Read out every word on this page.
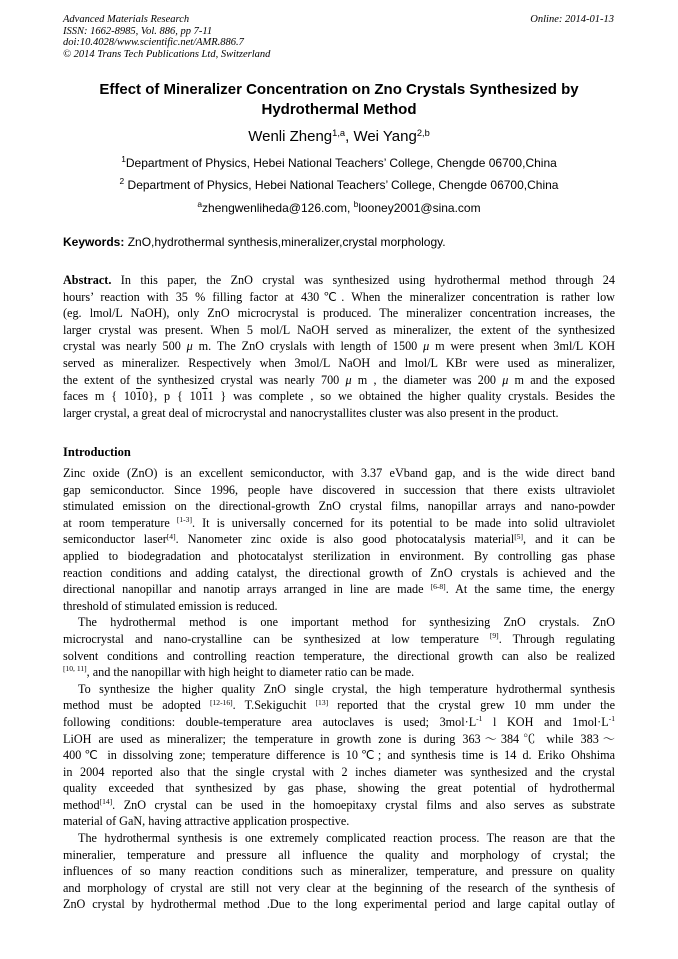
Advanced Materials Research
ISSN: 1662-8985, Vol. 886, pp 7-11
doi:10.4028/www.scientific.net/AMR.886.7
© 2014 Trans Tech Publications Ltd, Switzerland
Online: 2014-01-13
Effect of Mineralizer Concentration on Zno Crystals Synthesized by
Hydrothermal Method
Wenli Zheng$^{1,a}$, Wei Yang$^{2,b}$
$^1$Department of Physics, Hebei National Teachers’ College, Chengde 06700,China
$^2$ Department of Physics, Hebei National Teachers’ College, Chengde 06700,China
$^a$zhengwenliheda@126.com, $^b$looney2001@sina.com
Keywords: ZnO,hydrothermal synthesis,mineralizer,crystal morphology.
Abstract. In this paper, the ZnO crystal was synthesized using hydrothermal method through 24
hours’ reaction with 35 % filling factor at 430℃. When the mineralizer concentration is rather low
(eg. lmol/L NaOH), only ZnO microcrystal is produced. The mineralizer concentration increases, the
larger crystal was present. When 5 mol/L NaOH served as mineralizer, the extent of the synthesized
crystal was nearly 500 μ m. The ZnO cryslals with length of 1500 μ m were present when 3ml/L KOH
served as mineralizer. Respectively when 3mol/L NaOH and lmol/L KBr were used as mineralizer,
the extent of the synthesized crystal was nearly 700 μ m , the diameter was 200 μ m and the exposed
faces m { 1010}, p { 1011 } was complete , so we obtained the higher quality crystals. Besides the
larger crystal, a great deal of microcrystal and nanocrystallites cluster was also present in the product.
Introduction
Zinc oxide (ZnO) is an excellent semiconductor, with 3.37 eVband gap, and is the wide direct band
gap semiconductor. Since 1996, people have discovered in succession that there exists ultraviolet
stimulated emission on the directional-growth ZnO crystal films, nanopillar arrays and nano-powder
at room temperature [1-3]. It is universally concerned for its potential to be made into solid ultraviolet
semiconductor laser[4]. Nanometer zinc oxide is also good photocatalysis material[5], and it can be
applied to biodegradation and photocatalyst sterilization in environment. By controlling gas phase
reaction conditions and adding catalyst, the directional growth of ZnO crystals is achieved and the
directional nanopillar and nanotip arrays arranged in line are made [6-8]. At the same time, the energy
threshold of stimulated emission is reduced.
The hydrothermal method is one important method for synthesizing ZnO crystals. ZnO
microcrystal and nano-crystalline can be synthesized at low temperature [9]. Through regulating
solvent conditions and controlling reaction temperature, the directional growth can also be realized
[10, 11], and the nanopillar with high height to diameter ratio can be made.
To synthesize the higher quality ZnO single crystal, the high temperature hydrothermal synthesis
method must be adopted [12-16]. T.Sekiguchit [13] reported that the crystal grew 10 mm under the
following conditions: double-temperature area autoclaves is used; 3mol·L$^{-1}$ l KOH and 1mol·L$^{-1}$
LiOH are used as mineralizer; the temperature in growth zone is during 363～384℃ while 383～
400℃ in dissolving zone; temperature difference is 10℃; and synthesis time is 14 d. Eriko Ohshima
in 2004 reported also that the single crystal with 2 inches diameter was synthesized and the crystal
quality exceeded that synthesized by gas phase, showing the great potential of hydrothermal
method[14]. ZnO crystal can be used in the homoepitaxy crystal films and also serves as substrate
material of GaN, having attractive application prospective.
The hydrothermal synthesis is one extremely complicated reaction process. The reason are that the
mineralier, temperature and pressure all influence the quality and morphology of crystal; the
influences of so many reaction conditions such as mineralizer, temperature, and pressure on quality
and morphology of crystal are still not very clear at the beginning of the research of the synthesis of
ZnO crystal by hydrothermal method .Due to the long experimental period and large capital outlay of
